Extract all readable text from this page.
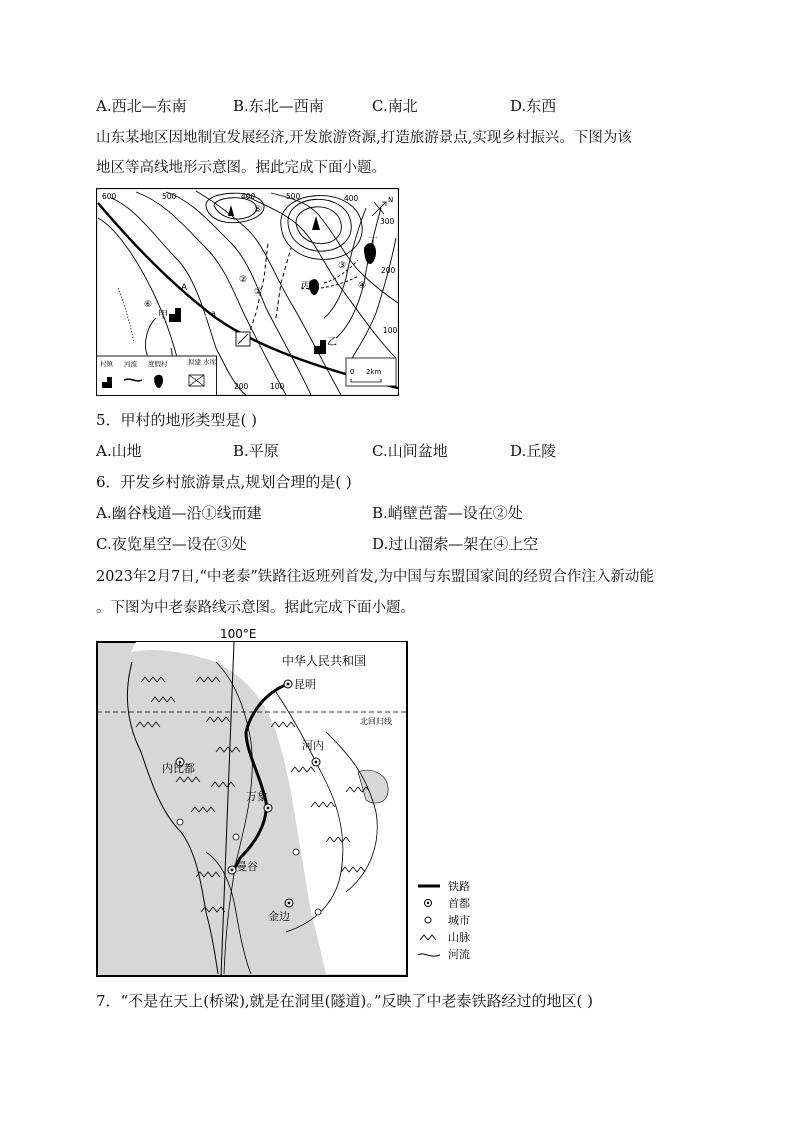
A.西北—东南	B.东北—西南	C.南北	D.东西
山东某地区因地制宜发展经济,开发旅游资源,打造旅游景点,实现乡村振兴。下图为该
地区等高线地形示意图。据此完成下面小题。
600	500	400	500	400
300
200
100
200	100
⑤
②
①
③
④
⑥
a
A
甲
乙
丙
丁
N
村镇 河流 度假村	拟建 水库
0 2km
5．甲村的地形类型是( )
A.山地	B.平原	C.山间盆地	D.丘陵
6．开发乡村旅游景点,规划合理的是( )
A.幽谷栈道—沿①线而建	B.峭壁芭蕾—设在②处
C.夜览星空—设在③处	D.过山溜索—架在④上空
2023年2月7日,“中老泰”铁路往返班列首发,为中国与东盟国家间的经贸合作注入新动能
。下图为中老泰路线示意图。据此完成下面小题。
100°E
中华人民共和国
昆明
北回归线
河内
内比都
万象
曼谷
金边
铁路
首都
城市
山脉
河流
7．“不是在天上(桥梁),就是在洞里(隧道)。”反映了中老泰铁路经过的地区( )
